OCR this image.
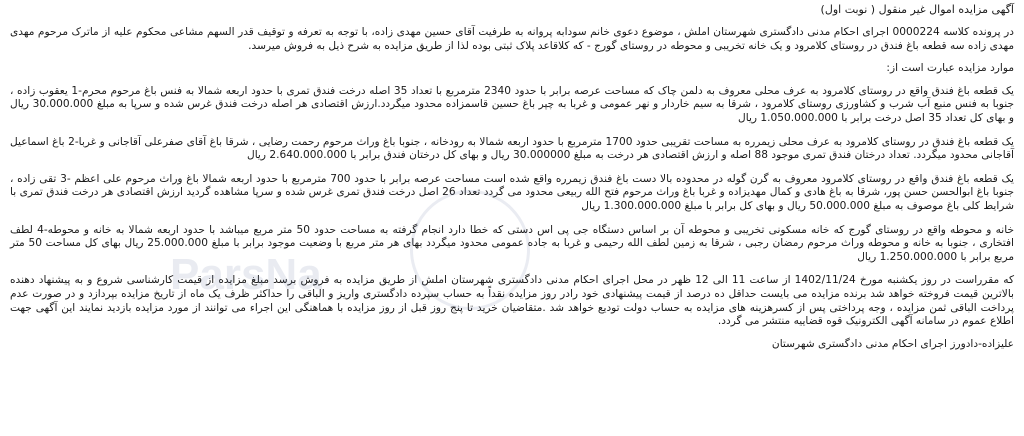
آگهی مزایده اموال غیر منقول ( نوبت اول)
در پرونده کلاسه 0000224 اجرای احکام مدنی دادگستری شهرستان املش ، موضوع دعوی خانم سودابه پروانه به طرفیت آقای حسین مهدی زاده، با توجه به تعرفه و توقیف قدر السهم مشاعی محکوم علیه از ماترک مرحوم مهدی مهدی زاده سه قطعه باغ فندق در روستای کلامرود و یک خانه تخریبی و محوطه در روستای گورج - که کلاقاعد پلاک ثبتی بوده لذا از طریق مزایده به شرح ذیل به فروش میرسد.
موارد مزایده عبارت است از:
یک قطعه باغ فندق واقع در روستای کلامرود به عرف محلی معروف به دلمن چاک که مساحت عرصه برابر با حدود 2340 مترمربع با تعداد 35 اصله درخت فندق تمری با حدود اربعه شمالا به فنس باغ مرحوم محرم-1 یعقوب زاده ، جنوبا به فنس منبع آب شرب و کشاورزی روستای کلامرود ، شرقا به سیم خاردار و نهر عمومی و غربا به چپر باغ حسین قاسمزاده محدود میگردد.ارزش اقتصادی هر اصله درخت فندق غرس شده و سرپا به مبلغ 30.000.000 ریال و بهای کل تعداد 35 اصل درخت برابر با 1.050.000.000 ریال
یک قطعه باغ فندق در روستای کلامرود به عرف محلی زیمرره به مساحت تقریبی حدود 1700 مترمربع با حدود اربعه شمالا به رودخانه ، جنوبا باغ وراث مرحوم رحمت رضایی ، شرقا باغ آقای صفرعلی آقاجانی و غربا-2 باغ اسماعیل آقاجانی محدود میگردد. تعداد درختان فندق تمری موجود 88 اصله و ارزش اقتصادی هر درخت به مبلغ 30.000000 ریال و بهای کل درختان فندق برابر با 2.640.000.000 ریال
یک قطعه باغ فندق واقع در روستای کلامرود معروف به گرن گوله در محدوده بالا دست باغ فندق زیمرره واقع شده است مساحت عرصه برابر با حدود 700 مترمربع با حدود اربعه شمالا باغ وراث مرحوم علی اعظم -3 تقی زاده ، جنوبا باغ ابوالحسن حسن پور، شرقا به باغ هادی و کمال مهدیزاده و غربا باغ وراث مرحوم فتح الله ربیعی محدود می گردد تعداد 26 اصل درخت فندق تمری غرس شده و سرپا مشاهده گردید ارزش اقتصادی هر درخت فندق تمری با شرایط کلی باغ موصوف به مبلغ 50.000.000 ریال و بهای کل برابر با مبلغ 1.300.000.000 ریال
خانه و محوطه واقع در روستای گورج که خانه مسکونی تخریبی و محوطه آن بر اساس دستگاه جی پی اس دستی که خطا دارد انجام گرفته به مساحت حدود 50 متر مربع میباشد با حدود اربعه شمالا به خانه و محوطه-4 لطف افتخاری ، جنوبا به خانه و محوطه وراث مرحوم رمضان رجبی ، شرقا به زمین لطف الله رحیمی و غربا به جاده عمومی محدود میگردد بهای هر متر مربع با وضعیت موجود برابر با مبلغ 25.000.000 ریال بهای کل مساحت 50 متر مربع برابر با 1.250.000.000 ریال
که مقرراست در روز یکشنبه مورخ 1402/11/24 از ساعت 11 الی 12 ظهر در محل اجرای احکام مدنی دادگستری شهرستان املش از طریق مزایده به فروش برسد مبلغ مزایده از قیمت کارشناسی شروع و به پیشنهاد دهنده بالاترین قیمت فروخته خواهد شد برنده مزایده می بایست حداقل ده درصد از قیمت پیشنهادی خود رادر روز مزایده نقداً به حساب سپرده دادگستری واریز و الباقی را حداکثر ظرف یک ماه از تاریخ مزایده بپردازد و در صورت عدم پرداخت الباقی ثمن مزایده ، وجه پرداختی پس از کسرهزینه های مزایده به حساب دولت تودیع خواهد شد .متقاضیان خرید تا پنج روز قبل از روز مزایده با هماهنگی این اجراء می توانند از مورد مزایده بازدید نمایند این آگهی جهت اطلاع عموم در سامانه آگهی الکترونیک قوه قضاییه منتشر می گردد.
علیزاده-دادورز اجرای احکام مدنی دادگستری شهرستان
ParsNa
